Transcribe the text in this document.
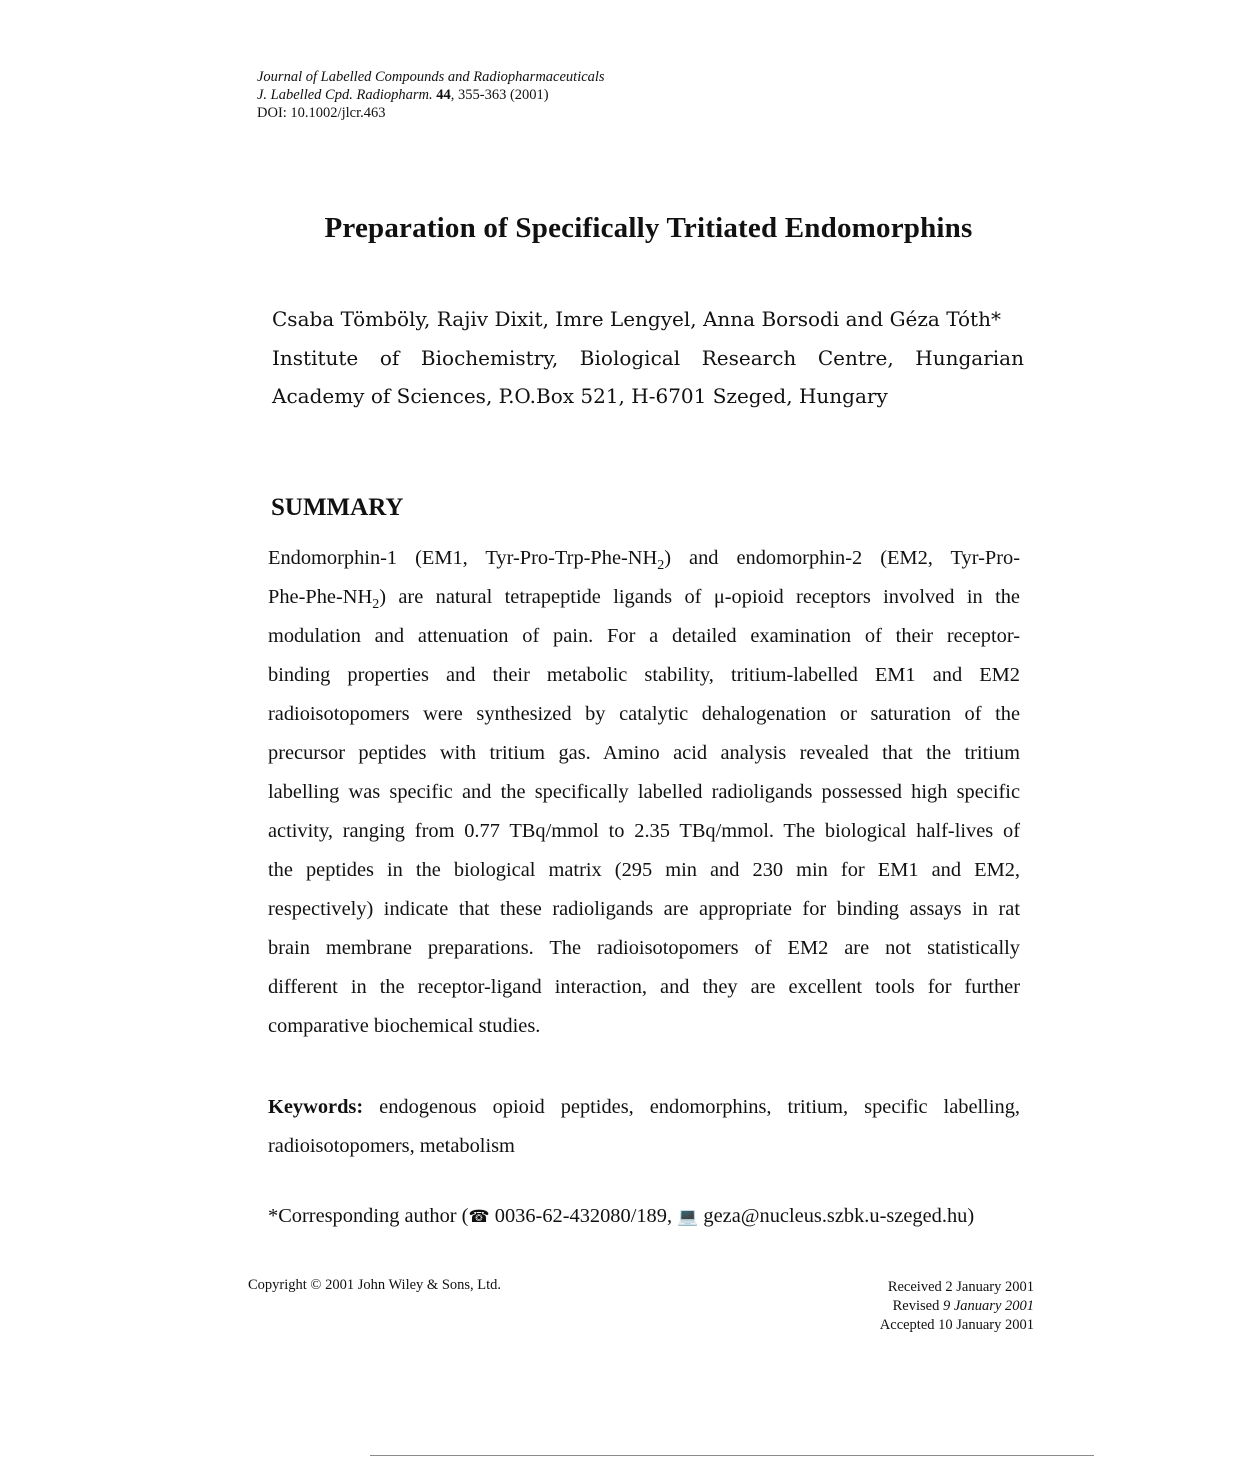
Journal of Labelled Compounds and Radiopharmaceuticals
J. Labelled Cpd. Radiopharm. 44, 355-363 (2001)
DOI: 10.1002/jlcr.463
Preparation of Specifically Tritiated Endomorphins
Csaba Tömböly, Rajiv Dixit, Imre Lengyel, Anna Borsodi and Géza Tóth*
Institute of Biochemistry, Biological Research Centre, Hungarian
Academy of Sciences, P.O.Box 521, H-6701 Szeged, Hungary
SUMMARY
Endomorphin-1 (EM1, Tyr-$Pro-Trp-Phe-NH_2$) and endomorphin-2 (EM2, Tyr-Pro-
Phe-$Phe-NH_2$) are natural tetrapeptide ligands of μ-opioid receptors involved in the
modulation and attenuation of pain. For a detailed examination of their receptor-
binding properties and their metabolic stability, tritium-labelled EM1 and EM2
radioisotopomers were synthesized by catalytic dehalogenation or saturation of the
precursor peptides with tritium gas. Amino acid analysis revealed that the tritium
labelling was specific and the specifically labelled radioligands possessed high specific
activity, ranging from 0.77 TBq/mmol to 2.35 TBq/mmol. The biological half-lives of
the peptides in the biological matrix (295 min and 230 min for EM1 and EM2,
respectively) indicate that these radioligands are appropriate for binding assays in rat
brain membrane preparations. The radioisotopomers of EM2 are not statistically
different in the receptor-ligand interaction, and they are excellent tools for further
comparative biochemical studies.
Keywords: endogenous opioid peptides, endomorphins, tritium, specific labelling,
radioisotopomers, metabolism
*Corresponding author (☎ 0036-62-432080/189, 💻 geza@nucleus.szbk.u-szeged.hu)
Copyright © 2001 John Wiley & Sons, Ltd.	Received 2 January 2001
Revised 9 January 2001
Accepted 10 January 2001
